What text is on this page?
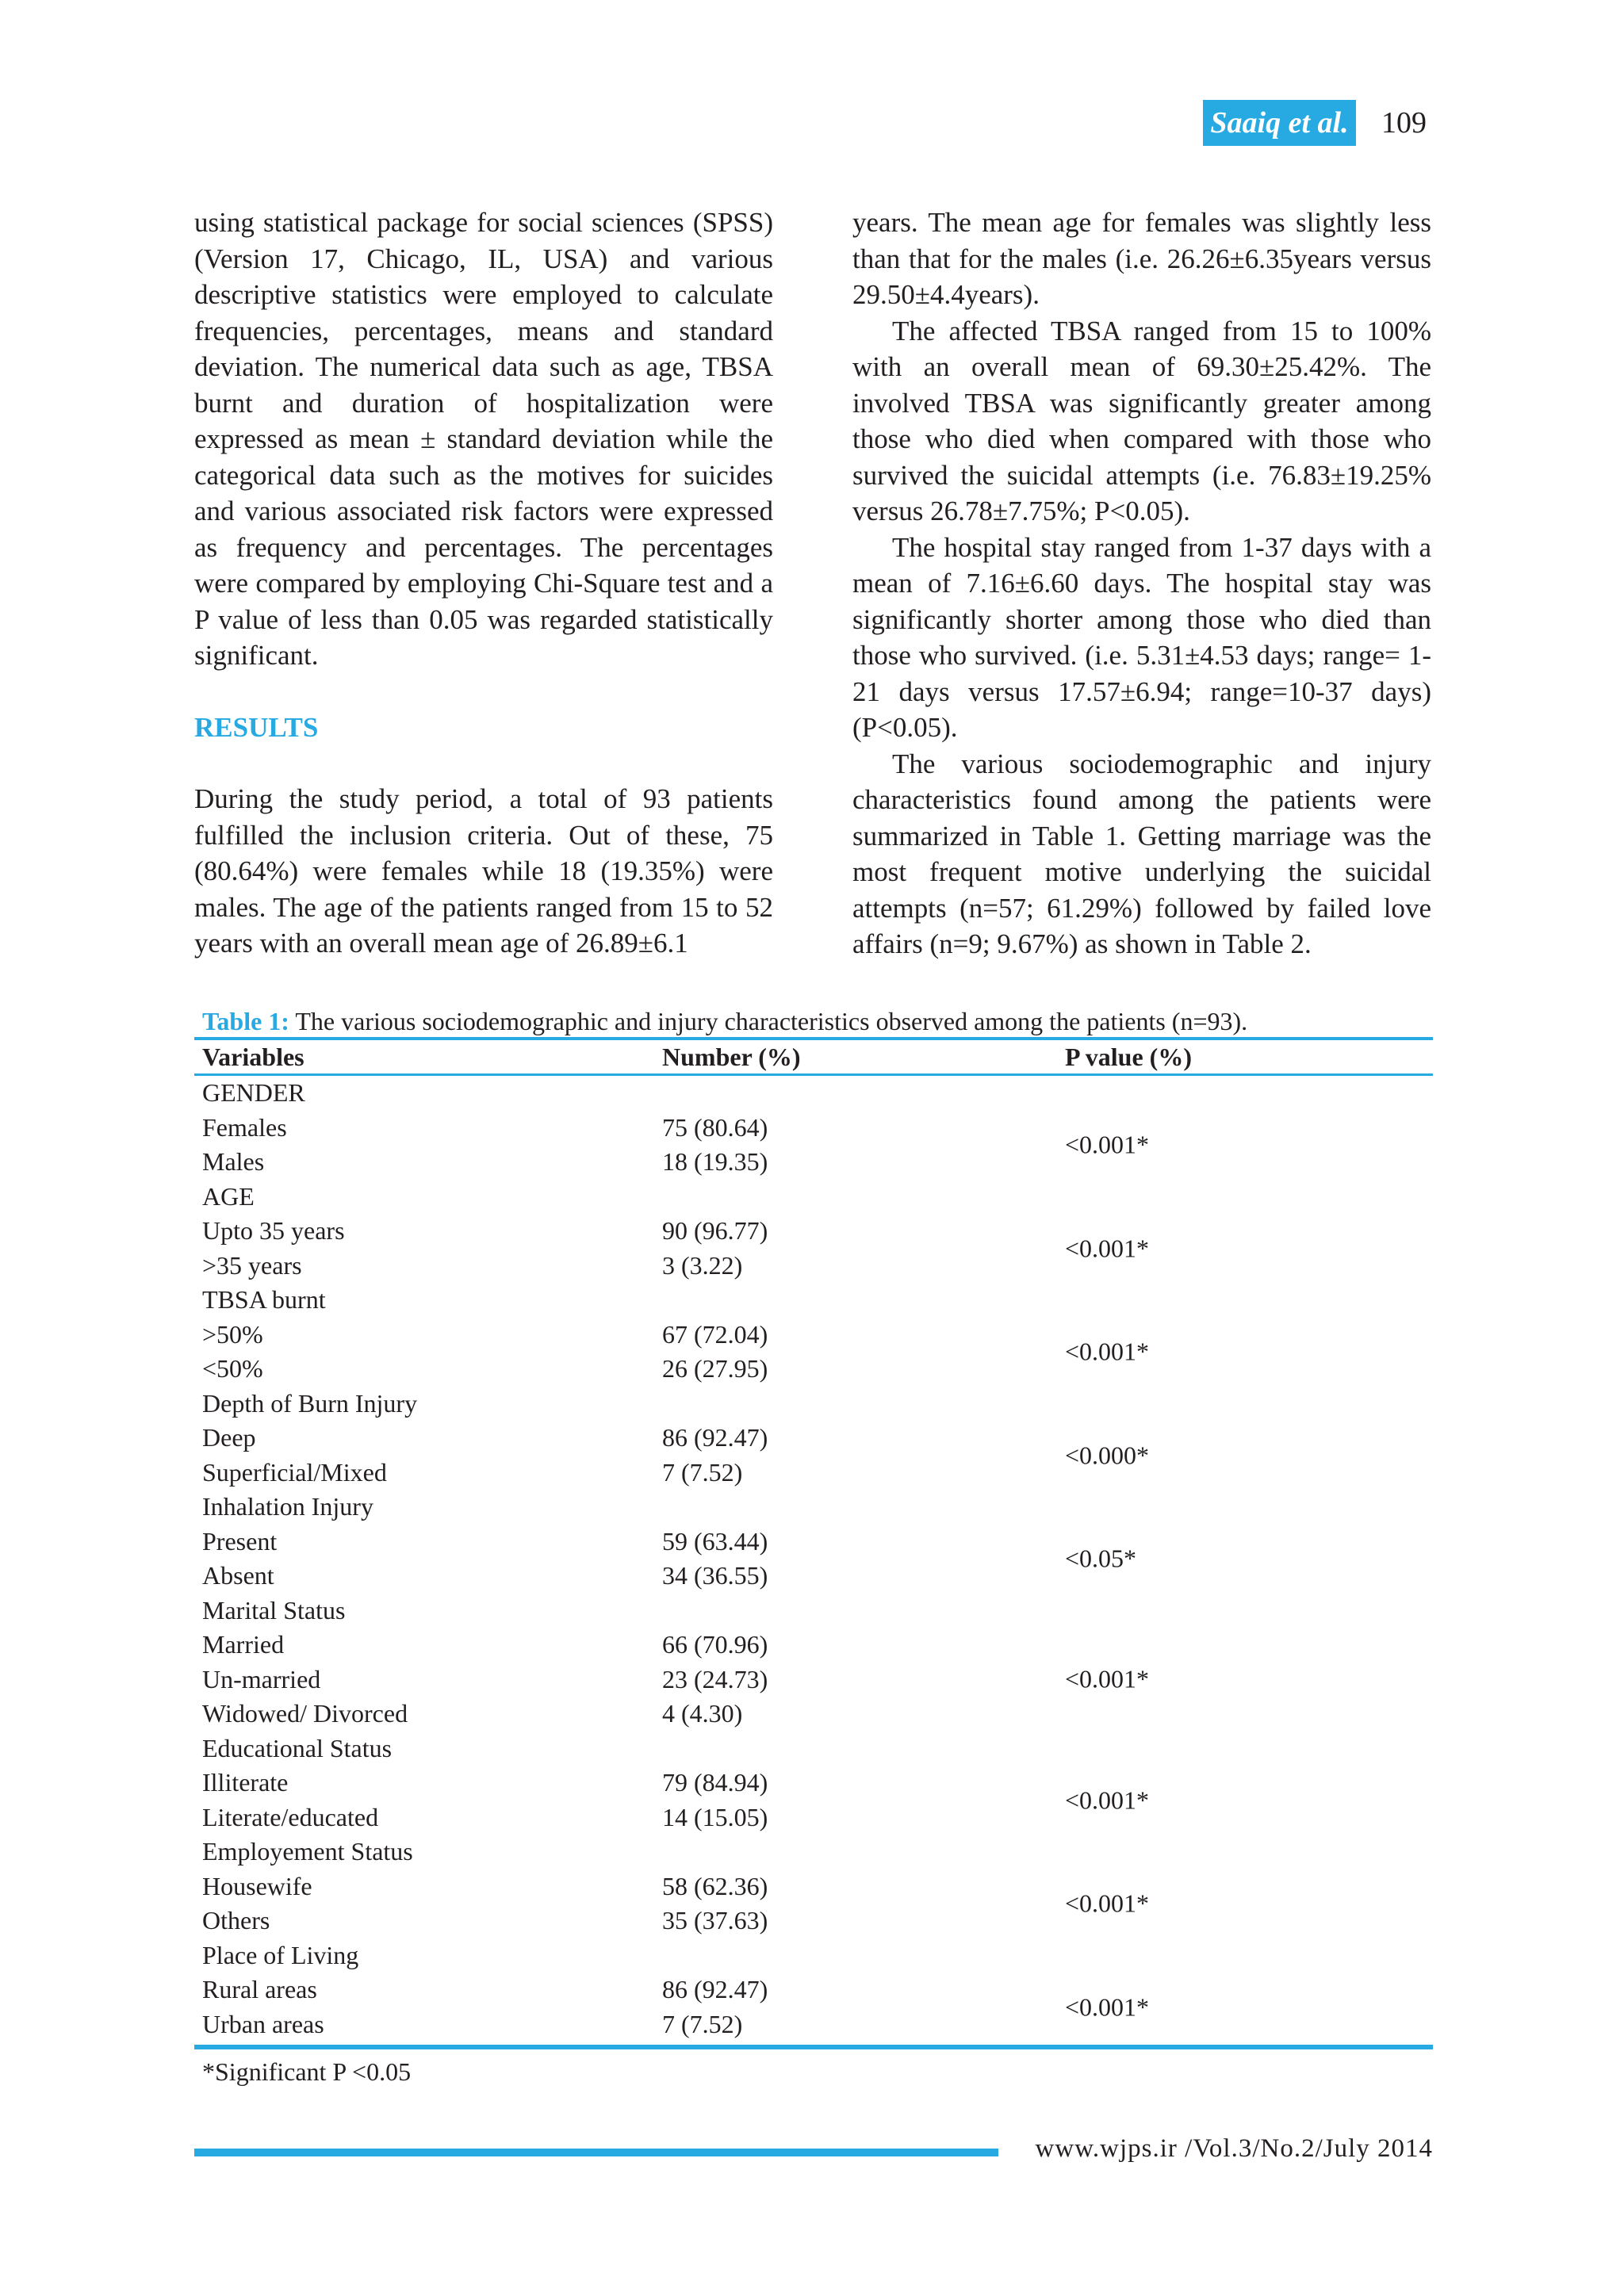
Saaiq et al. 109

using statistical package for social sciences (SPSS) (Version 17, Chicago, IL, USA) and various descriptive statistics were employed to calculate frequencies, percentages, means and standard deviation. The numerical data such as age, TBSA burnt and duration of hospitalization were expressed as mean ± standard deviation while the categorical data such as the motives for suicides and various associated risk factors were expressed as frequency and percentages. The percentages were compared by employing Chi-Square test and a P value of less than 0.05 was regarded statistically significant.

RESULTS

During the study period, a total of 93 patients fulfilled the inclusion criteria. Out of these, 75 (80.64%) were females while 18 (19.35%) were males. The age of the patients ranged from 15 to 52 years with an overall mean age of 26.89±6.1

years. The mean age for females was slightly less than that for the males (i.e. 26.26±6.35years versus 29.50±4.4years).

The affected TBSA ranged from 15 to 100% with an overall mean of 69.30±25.42%. The involved TBSA was significantly greater among those who died when compared with those who survived the suicidal attempts (i.e. 76.83±19.25% versus 26.78±7.75%; P<0.05).

The hospital stay ranged from 1-37 days with a mean of 7.16±6.60 days. The hospital stay was significantly shorter among those who died than those who survived. (i.e. 5.31±4.53 days; range= 1-21 days versus 17.57±6.94; range=10-37 days) (P<0.05).

The various sociodemographic and injury characteristics found among the patients were summarized in Table 1. Getting marriage was the most frequent motive underlying the suicidal attempts (n=57; 61.29%) followed by failed love affairs (n=9; 9.67%) as shown in Table 2.

Table 1: The various sociodemographic and injury characteristics observed among the patients (n=93).
Variables	Number (%)	P value (%)
GENDER
Females	75 (80.64)
Males	18 (19.35)
<0.001*
AGE
Upto 35 years	90 (96.77)
>35 years	3 (3.22)
<0.001*
TBSA burnt
>50%	67 (72.04)
<50%	26 (27.95)
<0.001*
Depth of Burn Injury
Deep	86 (92.47)
Superficial/Mixed	7 (7.52)
<0.000*
Inhalation Injury
Present	59 (63.44)
Absent	34 (36.55)
<0.05*
Marital Status
Married	66 (70.96)
Un-married	23 (24.73)
Widowed/ Divorced	4 (4.30)
<0.001*
Educational Status
Illiterate	79 (84.94)
Literate/educated	14 (15.05)
<0.001*
Employement Status
Housewife	58 (62.36)
Others	35 (37.63)
<0.001*
Place of Living
Rural areas	86 (92.47)
Urban areas	7 (7.52)
<0.001*
*Significant P <0.05
www.wjps.ir /Vol.3/No.2/July 2014
